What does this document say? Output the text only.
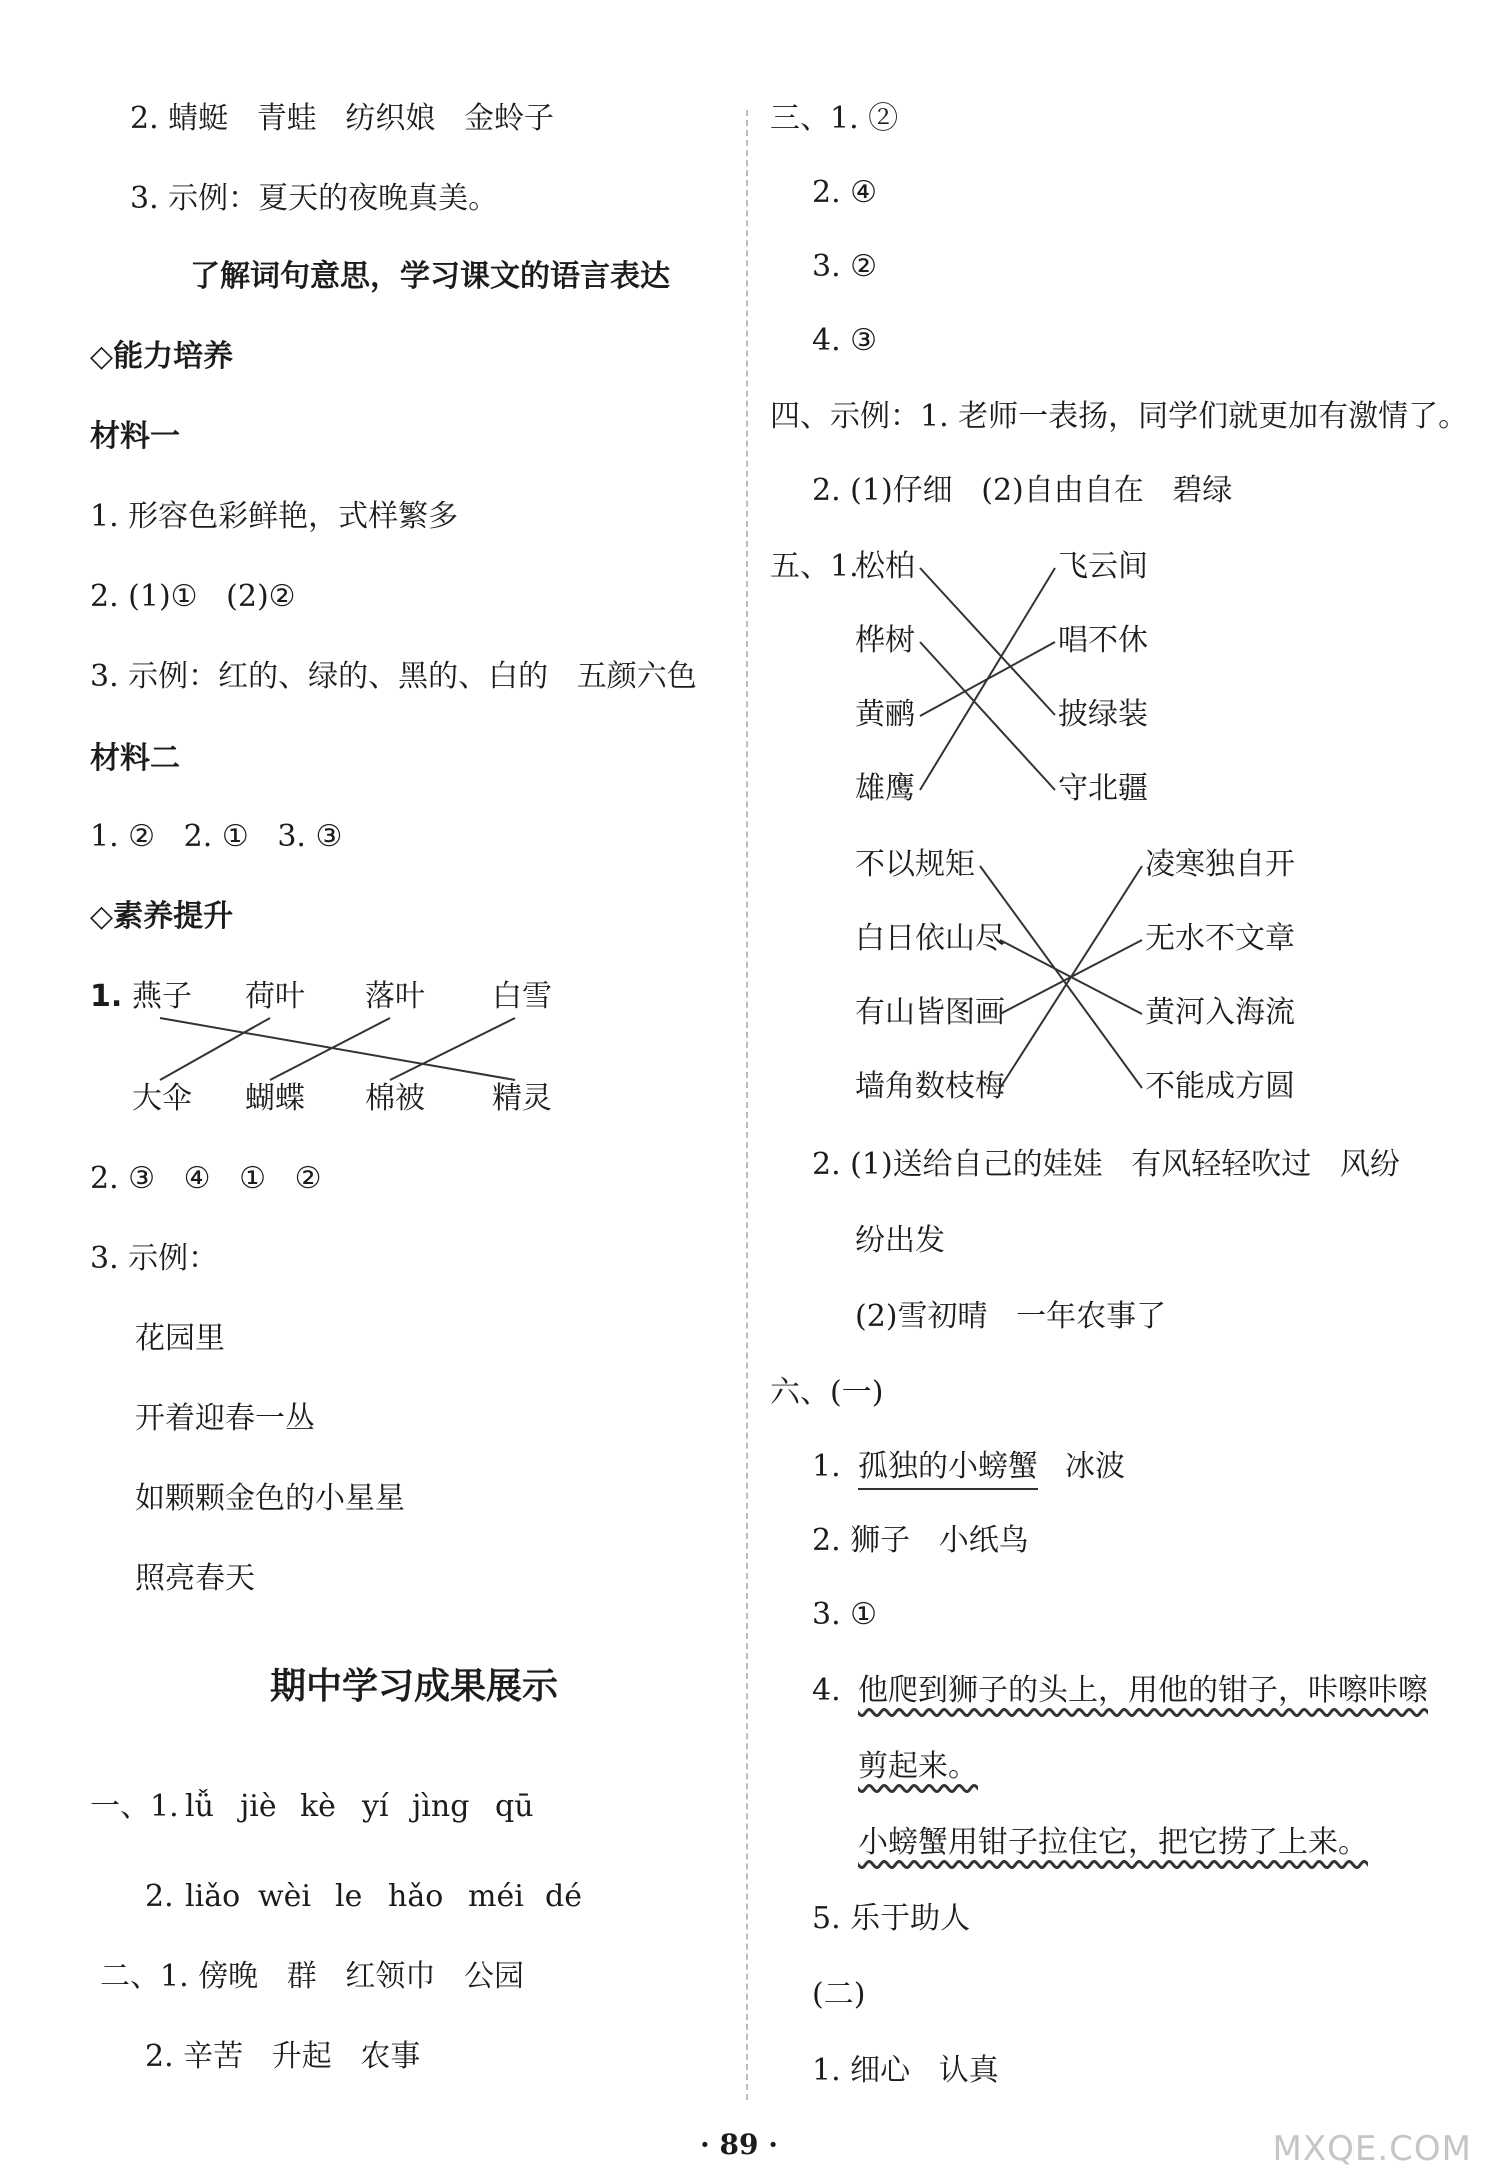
2. 蜻蜓   青蛙   纺织娘   金蛉子
3. 示例：夏天的夜晚真美。
了解词句意思，学习课文的语言表达
◇能力培养
材料一
1. 形容色彩鲜艳，式样繁多
2. (1)①   (2)②
3. 示例：红的、绿的、黑的、白的   五颜六色
材料二
1. ②   2. ①   3. ③
◇素养提升
1. 燕子 荷叶 落叶 白雪
大伞 蝴蝶 棉被 精灵
2. ③   ④   ①   ②
3. 示例：
花园里
开着迎春一丛
如颗颗金色的小星星
照亮春天
期中学习成果展示
一、1. lǚ jiè kè yí jìng qū
2. liǎo wèi le hǎo méi dé
二、1. 傍晚   群   红领巾   公园
2. 辛苦   升起   农事
三、1. ②
2. ④
3. ②
4. ③
四、示例：1. 老师一表扬，同学们就更加有激情了。
2. (1)仔细   (2)自由自在   碧绿
五、1.
松柏
桦树
黄鹂
雄鹰
飞云间
唱不休
披绿装
守北疆
不以规矩
白日依山尽
有山皆图画
墙角数枝梅
凌寒独自开
无水不文章
黄河入海流
不能成方圆
2. (1)送给自己的娃娃   有风轻轻吹过   风纷
纷出发
(2)雪初晴   一年农事了
六、(一)
1. 孤独的小螃蟹 冰波
2. 狮子   小纸鸟
3. ①
4. 他爬到狮子的头上，用他的钳子，咔嚓咔嚓
剪起来。
小螃蟹用钳子拉住它，把它捞了上来。
5. 乐于助人
(二)
1. 细心   认真
· 89 ·	MXQE.COM
